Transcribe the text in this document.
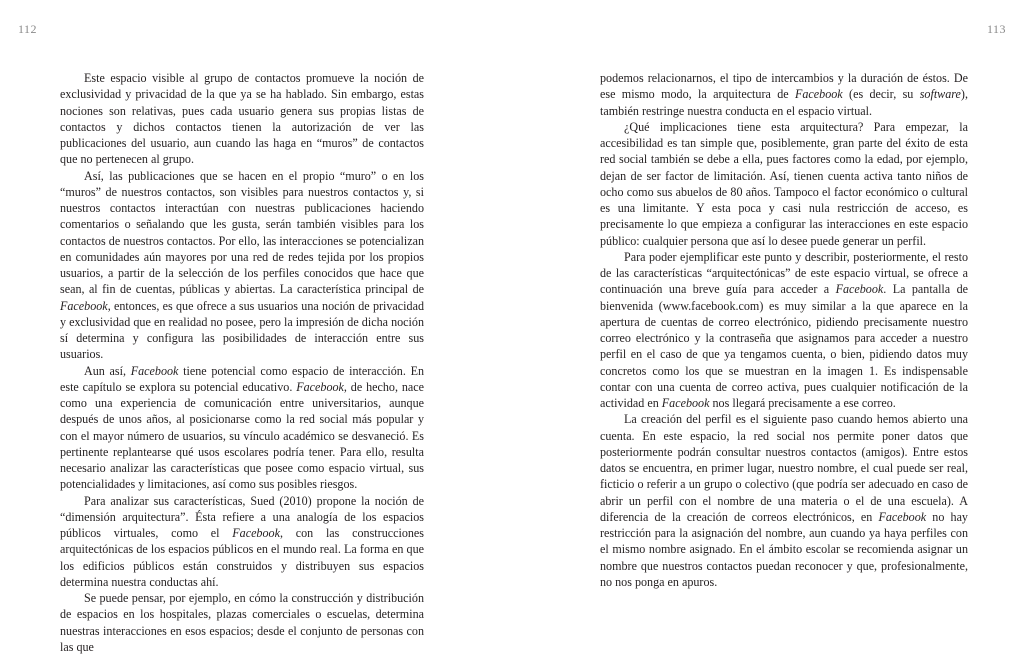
112	113

Este espacio visible al grupo de contactos promueve la noción de exclusividad y privacidad de la que ya se ha hablado. Sin embargo, estas nociones son relativas, pues cada usuario genera sus propias listas de contactos y dichos contactos tienen la autorización de ver las publicaciones del usuario, aun cuando las haga en “muros” de contactos que no pertenecen al grupo.

Así, las publicaciones que se hacen en el propio “muro” o en los “muros” de nuestros contactos, son visibles para nuestros contactos y, si nuestros contactos interactúan con nuestras publicaciones haciendo comentarios o señalando que les gusta, serán también visibles para los contactos de nuestros contactos. Por ello, las interacciones se potencializan en comunidades aún mayores por una red de redes tejida por los propios usuarios, a partir de la selección de los perfiles conocidos que hace que sean, al fin de cuentas, públicas y abiertas. La característica principal de Facebook, entonces, es que ofrece a sus usuarios una noción de privacidad y exclusividad que en realidad no posee, pero la impresión de dicha noción sí determina y configura las posibilidades de interacción entre sus usuarios.

Aun así, Facebook tiene potencial como espacio de interacción. En este capítulo se explora su potencial educativo. Facebook, de hecho, nace como una experiencia de comunicación entre universitarios, aunque después de unos años, al posicionarse como la red social más popular y con el mayor número de usuarios, su vínculo académico se desvaneció. Es pertinente replantearse qué usos escolares podría tener. Para ello, resulta necesario analizar las características que posee como espacio virtual, sus potencialidades y limitaciones, así como sus posibles riesgos.

Para analizar sus características, Sued (2010) propone la noción de “dimensión arquitectura”. Ésta refiere a una analogía de los espacios públicos virtuales, como el Facebook, con las construcciones arquitectónicas de los espacios públicos en el mundo real. La forma en que los edificios públicos están construidos y distribuyen sus espacios determina nuestra conductas ahí.

Se puede pensar, por ejemplo, en cómo la construcción y distribución de espacios en los hospitales, plazas comerciales o escuelas, determina nuestras interacciones en esos espacios; desde el conjunto de personas con las que

podemos relacionarnos, el tipo de intercambios y la duración de éstos. De ese mismo modo, la arquitectura de Facebook (es decir, su software), también restringe nuestra conducta en el espacio virtual.

¿Qué implicaciones tiene esta arquitectura? Para empezar, la accesibilidad es tan simple que, posiblemente, gran parte del éxito de esta red social también se debe a ella, pues factores como la edad, por ejemplo, dejan de ser factor de limitación. Así, tienen cuenta activa tanto niños de ocho como sus abuelos de 80 años. Tampoco el factor económico o cultural es una limitante. Y esta poca y casi nula restricción de acceso, es precisamente lo que empieza a configurar las interacciones en este espacio público: cualquier persona que así lo desee puede generar un perfil.

Para poder ejemplificar este punto y describir, posteriormente, el resto de las características “arquitectónicas” de este espacio virtual, se ofrece a continuación una breve guía para acceder a Facebook. La pantalla de bienvenida (www.facebook.com) es muy similar a la que aparece en la apertura de cuentas de correo electrónico, pidiendo precisamente nuestro correo electrónico y la contraseña que asignamos para acceder a nuestro perfil en el caso de que ya tengamos cuenta, o bien, pidiendo datos muy concretos como los que se muestran en la imagen 1. Es indispensable contar con una cuenta de correo activa, pues cualquier notificación de la actividad en Facebook nos llegará precisamente a ese correo.

La creación del perfil es el siguiente paso cuando hemos abierto una cuenta. En este espacio, la red social nos permite poner datos que posteriormente podrán consultar nuestros contactos (amigos). Entre estos datos se encuentra, en primer lugar, nuestro nombre, el cual puede ser real, ficticio o referir a un grupo o colectivo (que podría ser adecuado en caso de abrir un perfil con el nombre de una materia o el de una escuela). A diferencia de la creación de correos electrónicos, en Facebook no hay restricción para la asignación del nombre, aun cuando ya haya perfiles con el mismo nombre asignado. En el ámbito escolar se recomienda asignar un nombre que nuestros contactos puedan reconocer y que, profesionalmente, no nos ponga en apuros.
